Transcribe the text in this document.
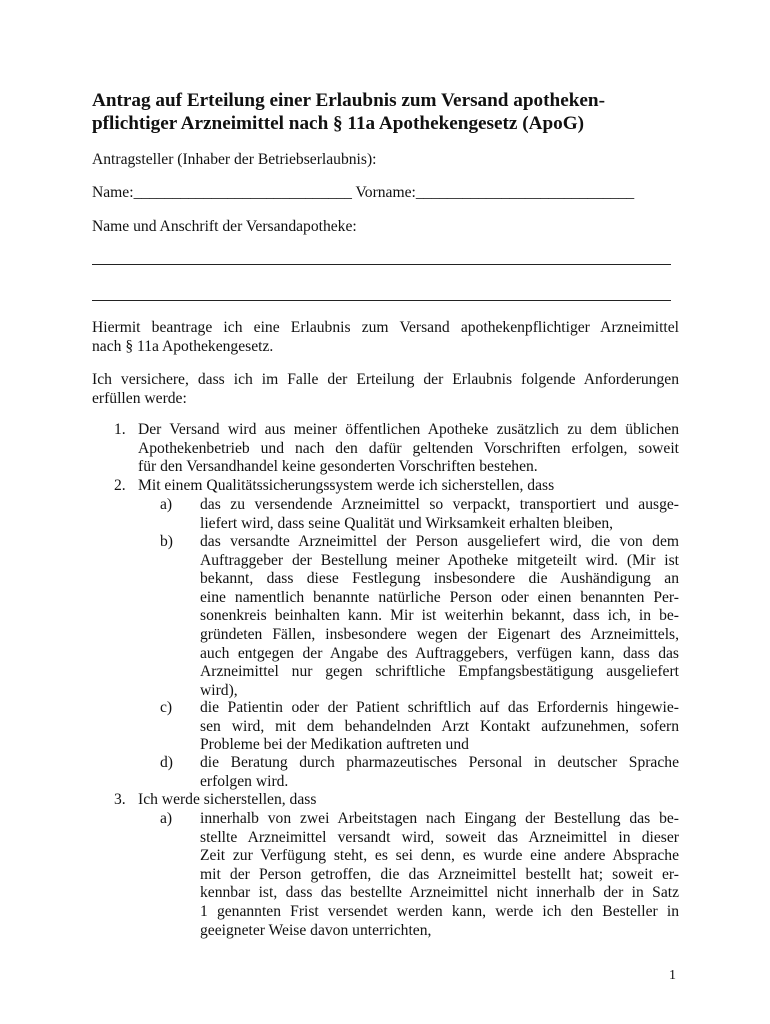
Antrag auf Erteilung einer Erlaubnis zum Versand apotheken-
pflichtiger Arzneimittel nach § 11a Apothekengesetz (ApoG)

Antragsteller (Inhaber der Betriebserlaubnis):

Name:____________________________ Vorname:____________________________

Name und Anschrift der Versandapotheke:

Hiermit beantrage ich eine Erlaubnis zum Versand apothekenpflichtiger Arzneimittel
nach § 11a Apothekengesetz.
Ich versichere, dass ich im Falle der Erteilung der Erlaubnis folgende Anforderungen
erfüllen werde:
1. Der Versand wird aus meiner öffentlichen Apotheke zusätzlich zu dem üblichen
Apothekenbetrieb und nach den dafür geltenden Vorschriften erfolgen, soweit
für den Versandhandel keine gesonderten Vorschriften bestehen.
2. Mit einem Qualitätssicherungssystem werde ich sicherstellen, dass
a) das zu versendende Arzneimittel so verpackt, transportiert und ausge-
liefert wird, dass seine Qualität und Wirksamkeit erhalten bleiben,
b) das versandte Arzneimittel der Person ausgeliefert wird, die von dem
Auftraggeber der Bestellung meiner Apotheke mitgeteilt wird. (Mir ist
bekannt, dass diese Festlegung insbesondere die Aushändigung an
eine namentlich benannte natürliche Person oder einen benannten Per-
sonenkreis beinhalten kann. Mir ist weiterhin bekannt, dass ich, in be-
gründeten Fällen, insbesondere wegen der Eigenart des Arzneimittels,
auch entgegen der Angabe des Auftraggebers, verfügen kann, dass das
Arzneimittel nur gegen schriftliche Empfangsbestätigung ausgeliefert
wird),
c) die Patientin oder der Patient schriftlich auf das Erfordernis hingewie-
sen wird, mit dem behandelnden Arzt Kontakt aufzunehmen, sofern
Probleme bei der Medikation auftreten und
d) die Beratung durch pharmazeutisches Personal in deutscher Sprache
erfolgen wird.
3. Ich werde sicherstellen, dass
a) innerhalb von zwei Arbeitstagen nach Eingang der Bestellung das be-
stellte Arzneimittel versandt wird, soweit das Arzneimittel in dieser
Zeit zur Verfügung steht, es sei denn, es wurde eine andere Absprache
mit der Person getroffen, die das Arzneimittel bestellt hat; soweit er-
kennbar ist, dass das bestellte Arzneimittel nicht innerhalb der in Satz
1 genannten Frist versendet werden kann, werde ich den Besteller in
geeigneter Weise davon unterrichten,
1
